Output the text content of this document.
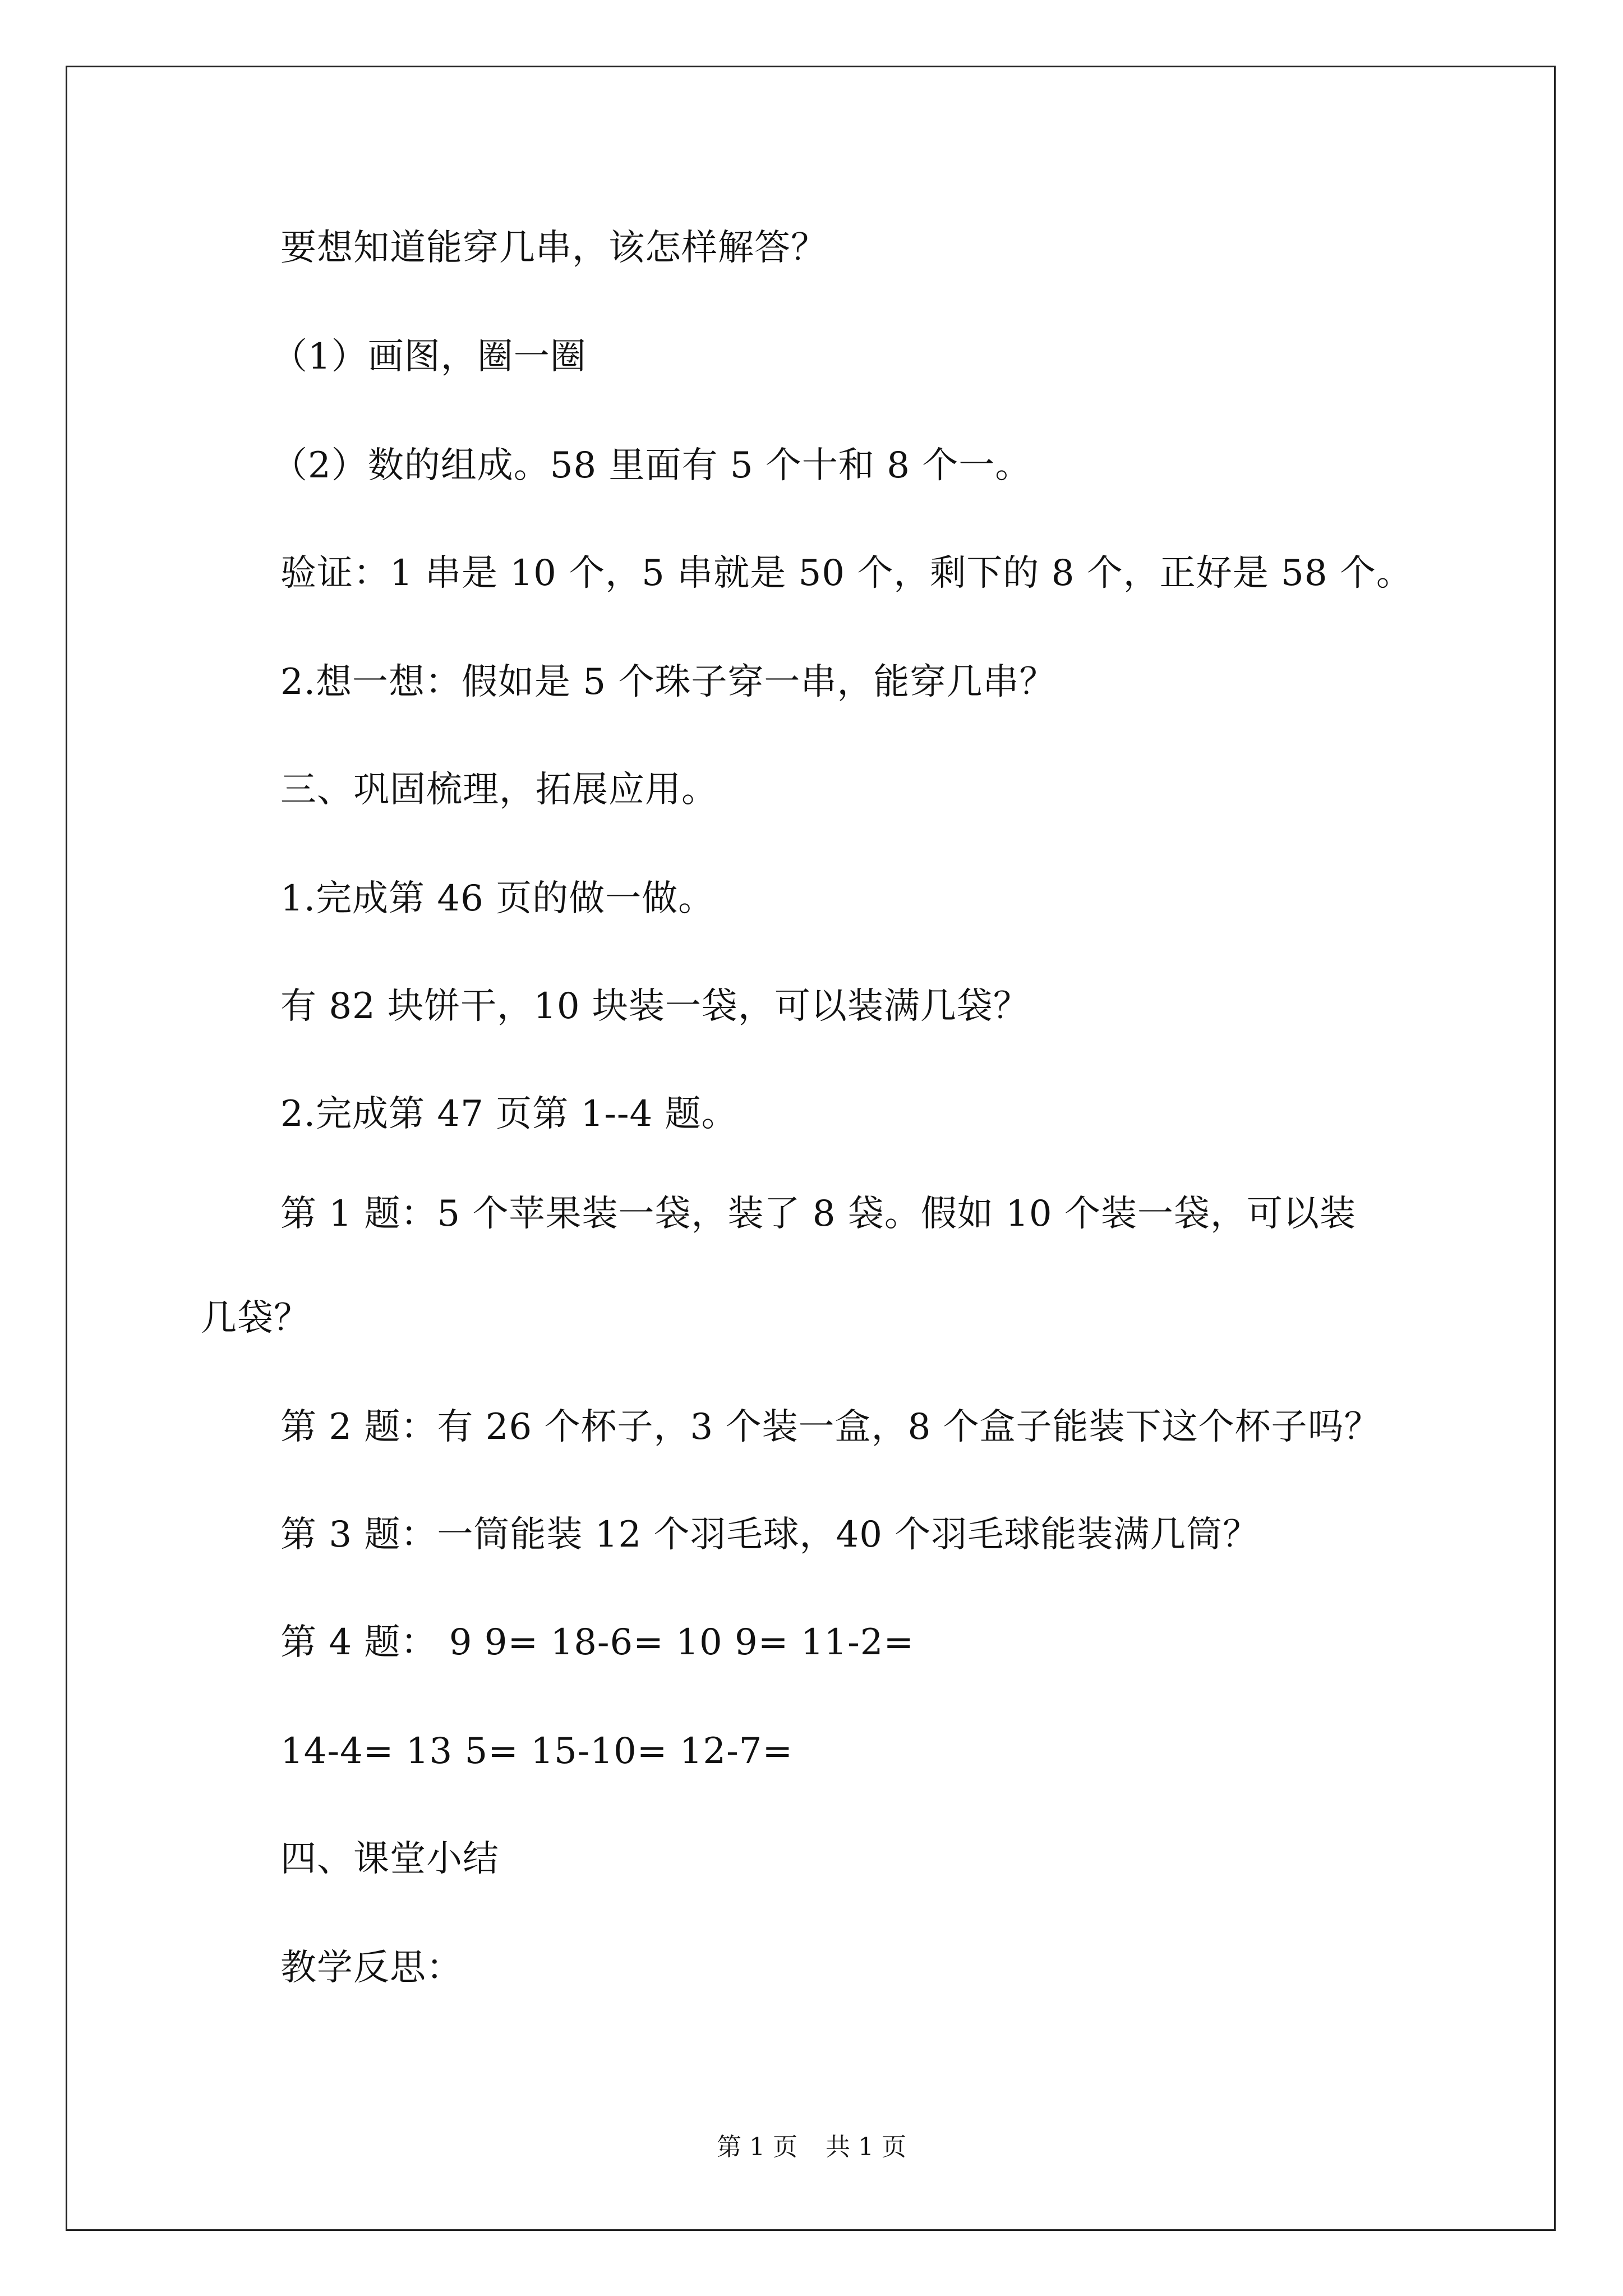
要想知道能穿几串，该怎样解答？
（1）画图，圈一圈
（2）数的组成。58 里面有 5 个十和 8 个一。
验证：1 串是 10 个，5 串就是 50 个，剩下的 8 个，正好是 58 个。
2.想一想：假如是 5 个珠子穿一串，能穿几串？
三、巩固梳理，拓展应用。
1.完成第 46 页的做一做。
有 82 块饼干，10 块装一袋，可以装满几袋？
2.完成第 47 页第 1--4 题。
第 1 题：5 个苹果装一袋，装了 8 袋。假如 10 个装一袋，可以装
几袋？
第 2 题：有 26 个杯子，3 个装一盒，8 个盒子能装下这个杯子吗？
第 3 题：一筒能装 12 个羽毛球，40 个羽毛球能装满几筒？
第 4 题： 9 9= 18-6= 10 9= 11-2=
14-4= 13 5= 15-10= 12-7=
四、课堂小结
教学反思：
第 1 页 共 1 页
